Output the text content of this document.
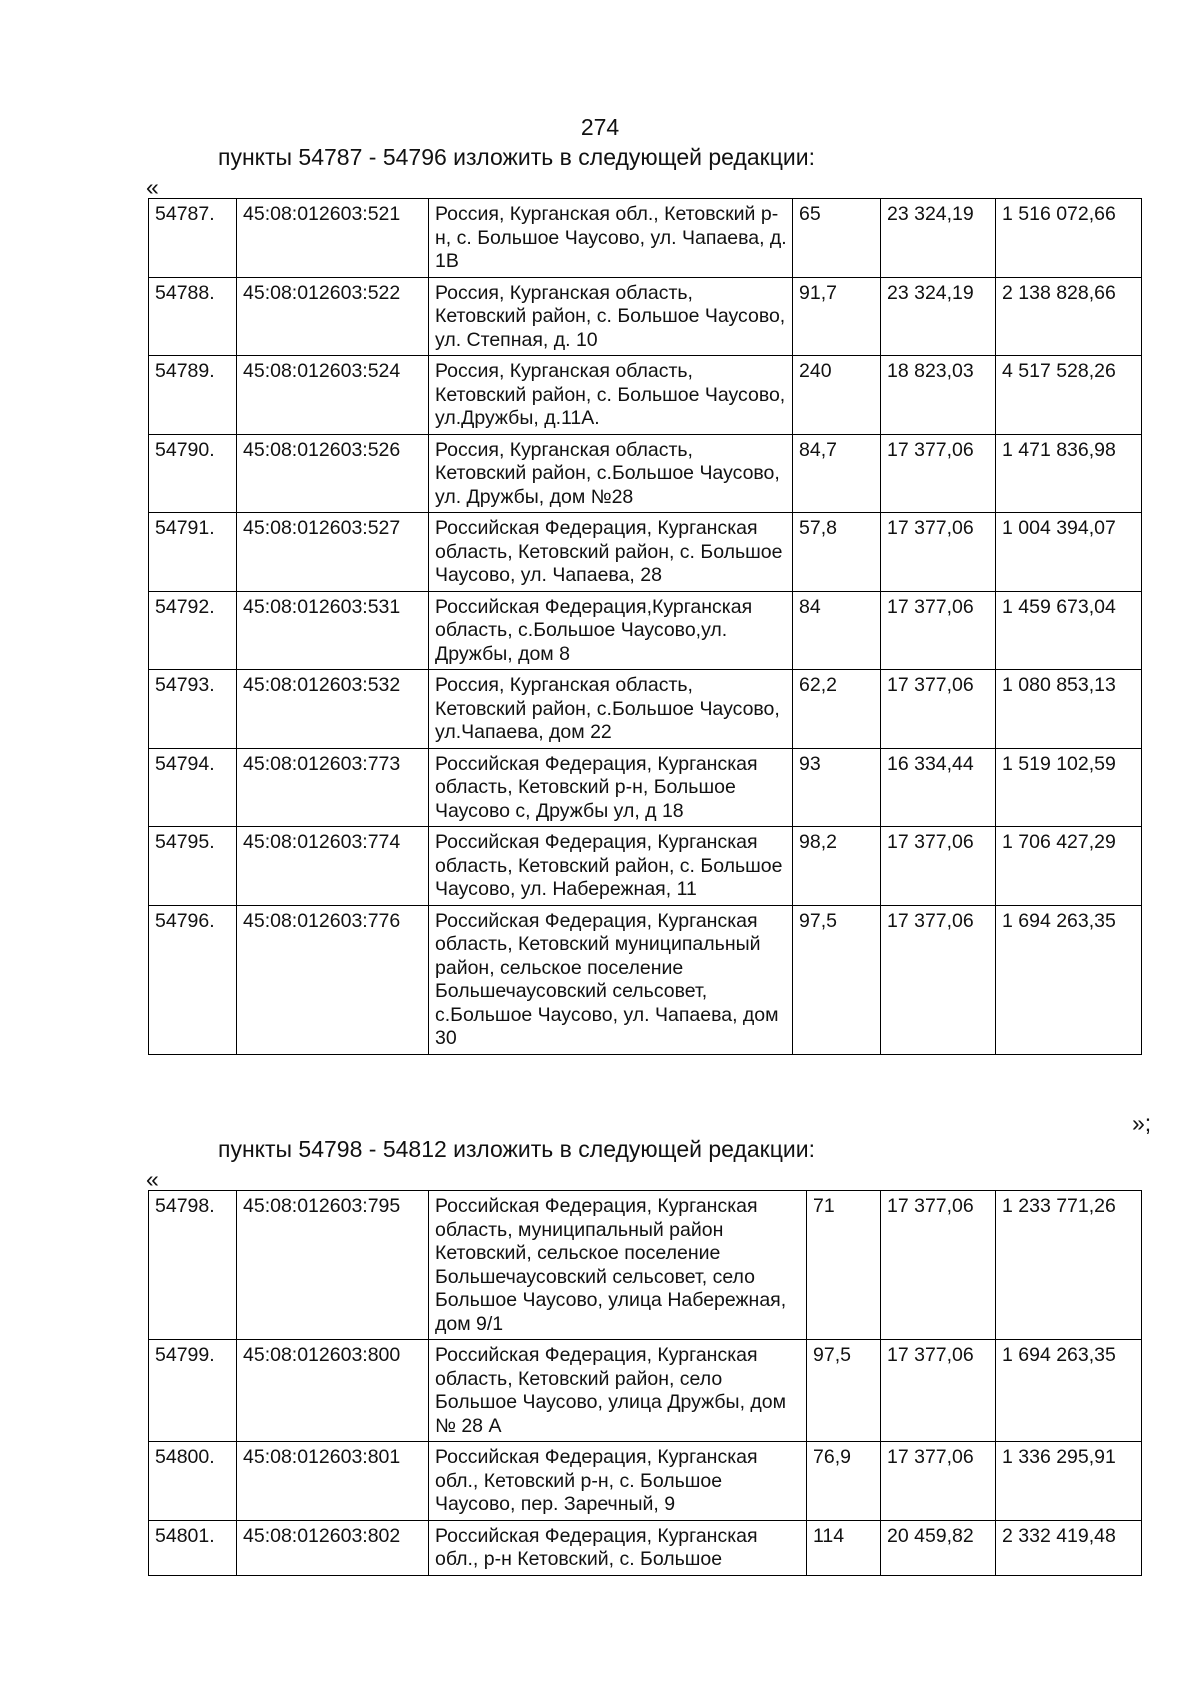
274
пункты 54787 - 54796 изложить в следующей редакции:
«
54787.	45:08:012603:521	Россия, Курганская обл., Кетовский р-н, с. Большое Чаусово, ул. Чапаева, д. 1В	65	23 324,19	1 516 072,66
54788.	45:08:012603:522	Россия, Курганская область, Кетовский район, с. Большое Чаусово, ул. Степная, д. 10	91,7	23 324,19	2 138 828,66
54789.	45:08:012603:524	Россия, Курганская область, Кетовский район, с. Большое Чаусово, ул.Дружбы, д.11А.	240	18 823,03	4 517 528,26
54790.	45:08:012603:526	Россия, Курганская область, Кетовский район, с.Большое Чаусово, ул. Дружбы, дом №28	84,7	17 377,06	1 471 836,98
54791.	45:08:012603:527	Российская Федерация, Курганская область, Кетовский район, с. Большое Чаусово, ул. Чапаева, 28	57,8	17 377,06	1 004 394,07
54792.	45:08:012603:531	Российская Федерация,Курганская область, с.Большое Чаусово,ул. Дружбы, дом 8	84	17 377,06	1 459 673,04
54793.	45:08:012603:532	Россия, Курганская область, Кетовский район, с.Большое Чаусово, ул.Чапаева, дом 22	62,2	17 377,06	1 080 853,13
54794.	45:08:012603:773	Российская Федерация, Курганская область, Кетовский р-н, Большое Чаусово с, Дружбы ул, д 18	93	16 334,44	1 519 102,59
54795.	45:08:012603:774	Российская Федерация, Курганская область, Кетовский район, с. Большое Чаусово, ул. Набережная, 11	98,2	17 377,06	1 706 427,29
54796.	45:08:012603:776	Российская Федерация, Курганская область, Кетовский муниципальный район, сельское поселение Большечаусовский сельсовет, с.Большое Чаусово, ул. Чапаева, дом 30	97,5	17 377,06	1 694 263,35
»;
пункты 54798 - 54812 изложить в следующей редакции:
«
54798.	45:08:012603:795	Российская Федерация, Курганская область, муниципальный район Кетовский, сельское поселение Большечаусовский сельсовет, село Большое Чаусово, улица Набережная, дом 9/1	71	17 377,06	1 233 771,26
54799.	45:08:012603:800	Российская Федерация, Курганская область, Кетовский район, село Большое Чаусово, улица Дружбы, дом № 28 А	97,5	17 377,06	1 694 263,35
54800.	45:08:012603:801	Российская Федерация, Курганская обл., Кетовский р-н, с. Большое Чаусово, пер. Заречный, 9	76,9	17 377,06	1 336 295,91
54801.	45:08:012603:802	Российская Федерация, Курганская обл., р-н Кетовский, с. Большое	114	20 459,82	2 332 419,48
